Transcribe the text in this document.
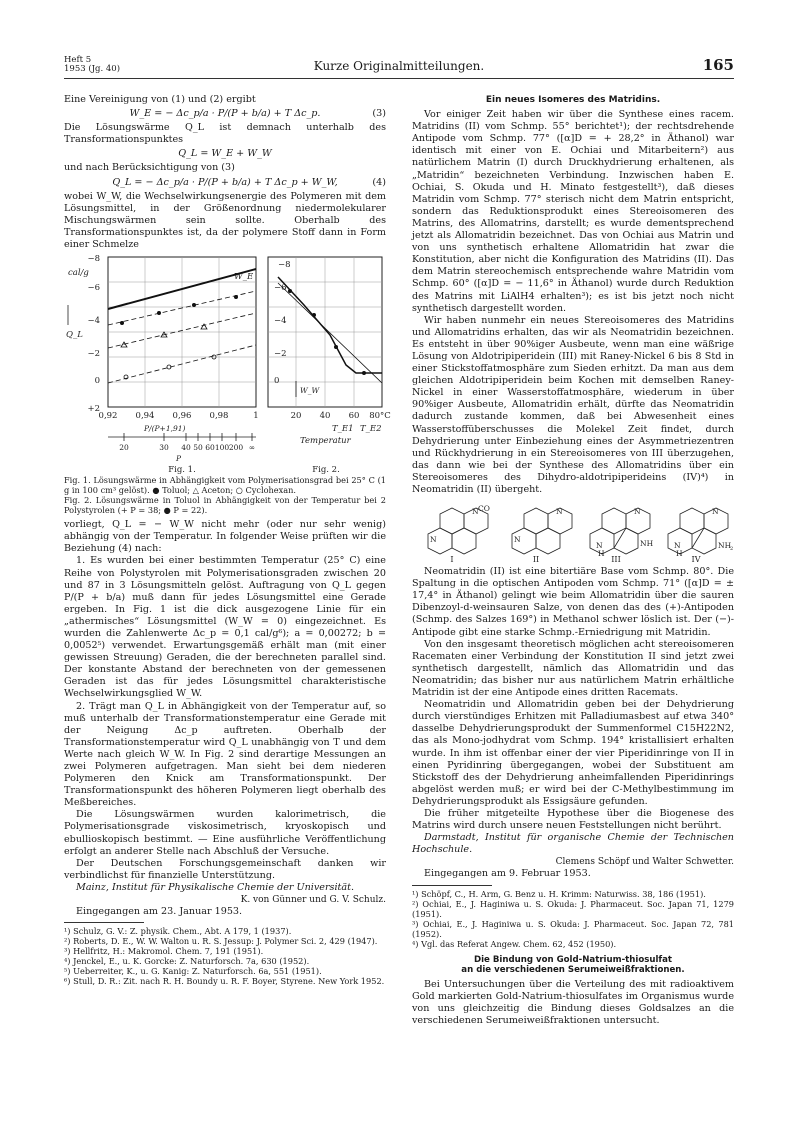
Heft 5
1953 (Jg. 40)	Kurze Originalmitteilungen.	165

Eine Vereinigung von (1) und (2) ergibt

W_E = − Δc_p/a · P/(P + b/a) + T Δc_p.	(3)

Die Lösungswärme Q_L ist demnach unterhalb des Transformationspunktes

Q_L = W_E + W_W

und nach Berücksichtigung von (3)

Q_L = − Δc_p/a · P/(P + b/a) + T Δc_p + W_W,	(4)

wobei W_W, die Wechselwirkungsenergie des Polymeren mit dem Lösungsmittel, in der Größenordnung niedermolekularer Mischungswärmen sein sollte. Oberhalb des Transformationspunktes ist, da der polymere Stoff dann in Form einer Schmelze

−8
−6
−4
−2
0
+2
cal/g
Q_L
0,92 0,94 0,96 0,98	1
P/(P+1,91)
W_E
20	30 40 50 60 100 200 ∞
P
−8
−6
−4
−2
0
20 40 60 80°C
T_E1 T_E2
Temperatur
W_W
Fig. 1.	Fig. 2.

Fig. 1. Lösungswärme in Abhängigkeit vom Polymerisationsgrad bei 25° C (1 g in 100 cm³ gelöst). ● Toluol; △ Aceton; ○ Cyclohexan.

Fig. 2. Lösungswärme in Toluol in Abhängigkeit von der Temperatur bei 2 Polystyrolen (+ P = 38; ● P = 22).

vorliegt, Q_L = − W_W nicht mehr (oder nur sehr wenig) abhängig von der Temperatur. In folgender Weise prüften wir die Beziehung (4) nach:

1. Es wurden bei einer bestimmten Temperatur (25° C) eine Reihe von Polystyrolen mit Polymerisationsgraden zwischen 20 und 87 in 3 Lösungsmitteln gelöst. Auftragung von Q_L gegen P/(P + b/a) muß dann für jedes Lösungsmittel eine Gerade ergeben. In Fig. 1 ist die dick ausgezogene Linie für ein „athermisches“ Lösungsmittel (W_W = 0) eingezeichnet. Es wurden die Zahlenwerte Δc_p = 0,1 cal/g⁶); a = 0,00272; b = 0,0052⁵) verwendet. Erwartungsgemäß erhält man (mit einer gewissen Streuung) Geraden, die der berechneten parallel sind. Der konstante Abstand der berechneten von der gemessenen Geraden ist das für jedes Lösungsmittel charakteristische Wechselwirkungsglied W_W.

2. Trägt man Q_L in Abhängigkeit von der Temperatur auf, so muß unterhalb der Transformationstemperatur eine Gerade mit der Neigung Δc_p auftreten. Oberhalb der Transformationstemperatur wird Q_L unabhängig von T und dem Werte nach gleich W_W. In Fig. 2 sind derartige Messungen an zwei Polymeren aufgetragen. Man sieht bei dem niederen Polymeren den Knick am Transformationspunkt. Der Transformationspunkt des höheren Polymeren liegt oberhalb des Meßbereiches.

Die Lösungswärmen wurden kalorimetrisch, die Polymerisationsgrade viskosimetrisch, kryoskopisch und ebullioskopisch bestimmt. — Eine ausführliche Veröffentlichung erfolgt an anderer Stelle nach Abschluß der Versuche.

Der Deutschen Forschungsgemeinschaft danken wir verbindlichst für finanzielle Unterstützung.

Mainz, Institut für Physikalische Chemie der Universität.

K. von Günner und G. V. Schulz.

Eingegangen am 23. Januar 1953.

¹) Schulz, G. V.: Z. physik. Chem., Abt. A 179, 1 (1937).

²) Roberts, D. E., W. W. Walton u. R. S. Jessup: J. Polymer Sci. 2, 429 (1947).

³) Hellfritz, H.: Makromol. Chem. 7, 191 (1951).

⁴) Jenckel, E., u. K. Gorcke: Z. Naturforsch. 7a, 630 (1952).

⁵) Ueberreiter, K., u. G. Kanig: Z. Naturforsch. 6a, 551 (1951).

⁶) Stull, D. R.: Zit. nach R. H. Boundy u. R. F. Boyer, Styrene. New York 1952.

Ein neues Isomeres des Matridins.

Vor einiger Zeit haben wir über die Synthese eines racem. Matridins (II) vom Schmp. 55° berichtet¹); der rechtsdrehende Antipode vom Schmp. 77° ([α]D = + 28,2° in Äthanol) war identisch mit einer von E. Ochiai und Mitarbeitern²) aus natürlichem Matrin (I) durch Druckhydrierung erhaltenen, als „Matridin“ bezeichneten Verbindung. Inzwischen haben E. Ochiai, S. Okuda und H. Minato festgestellt³), daß dieses Matridin vom Schmp. 77° sterisch nicht dem Matrin entspricht, sondern das Reduktionsprodukt eines Stereoisomeren des Matrins, des Allomatrins, darstellt; es wurde dementsprechend jetzt als Allomatridin bezeichnet. Das von Ochiai aus Matrin und von uns synthetisch erhaltene Allomatridin hat zwar die Konstitution, aber nicht die Konfiguration des Matridins (II). Das dem Matrin stereochemisch entsprechende wahre Matridin vom Schmp. 60° ([α]D = − 11,6° in Äthanol) wurde durch Reduktion des Matrins mit LiAlH4 erhalten³); es ist bis jetzt noch nicht synthetisch dargestellt worden.

Wir haben nunmehr ein neues Stereoisomeres des Matridins und Allomatridins erhalten, das wir als Neomatridin bezeichnen. Es entsteht in über 90%iger Ausbeute, wenn man eine wäßrige Lösung von Aldotripiperidein (III) mit Raney-Nickel 6 bis 8 Std in einer Stickstoffatmosphäre zum Sieden erhitzt. Da man aus dem gleichen Aldotripiperidein beim Kochen mit demselben Raney-Nickel in einer Wasserstoffatmosphäre, wiederum in über 90%iger Ausbeute, Allomatridin erhält, dürfte das Neomatridin dadurch zustande kommen, daß bei Abwesenheit eines Wasserstoffüberschusses die Molekel Zeit findet, durch Dehydrierung unter Einbeziehung eines der Asymmetriezentren und Rückhydrierung in ein Stereoisomeres von III überzugehen, das dann wie bei der Synthese des Allomatridins über ein Stereoisomeres des Dihydro-aldotripiperideins (IV)⁴) in Neomatridin (II) übergeht.

N
N CO
N
N
N
H
NH
N
N
H
NH
2
N
I	II	III	IV

Neomatridin (II) ist eine bitertiäre Base vom Schmp. 80°. Die Spaltung in die optischen Antipoden vom Schmp. 71° ([α]D = ± 17,4° in Äthanol) gelingt wie beim Allomatridin über die sauren Dibenzoyl-d-weinsauren Salze, von denen das des (+)-Antipoden (Schmp. des Salzes 169°) in Methanol schwer löslich ist. Der (−)-Antipode gibt eine starke Schmp.-Erniedrigung mit Matridin.

Von den insgesamt theoretisch möglichen acht stereoisomeren Racematen einer Verbindung der Konstitution II sind jetzt zwei synthetisch dargestellt, nämlich das Allomatridin und das Neomatridin; das bisher nur aus natürlichem Matrin erhältliche Matridin ist der eine Antipode eines dritten Racemats.

Neomatridin und Allomatridin geben bei der Dehydrierung durch vierstündiges Erhitzen mit Palladiumasbest auf etwa 340° dasselbe Dehydrierungsprodukt der Summenformel C15H22N2, das als Mono-jodhydrat vom Schmp. 194° kristallisiert erhalten wurde. In ihm ist offenbar einer der vier Piperidinringe von II in einen Pyridinring übergegangen, wobei der Substituent am Stickstoff des der Dehydrierung anheimfallenden Piperidinrings abgelöst werden muß; er wird bei der C-Methylbestimmung im Dehydrierungsprodukt als Essigsäure gefunden.

Die früher mitgeteilte Hypothese über die Biogenese des Matrins wird durch unsere neuen Feststellungen nicht berührt.

Darmstadt, Institut für organische Chemie der Technischen Hochschule.

Clemens Schöpf und Walter Schwetter.

Eingegangen am 9. Februar 1953.

¹) Schöpf, C., H. Arm, G. Benz u. H. Krimm: Naturwiss. 38, 186 (1951).

²) Ochiai, E., J. Haginiwa u. S. Okuda: J. Pharmaceut. Soc. Japan 71, 1279 (1951).

³) Ochiai, E., J. Haginiwa u. S. Okuda: J. Pharmaceut. Soc. Japan 72, 781 (1952).

⁴) Vgl. das Referat Angew. Chem. 62, 452 (1950).

Die Bindung von Gold-Natrium-thiosulfat
an die verschiedenen Serumeiweißfraktionen.

Bei Untersuchungen über die Verteilung des mit radioaktivem Gold markierten Gold-Natrium-thiosulfates im Organismus wurde von uns gleichzeitig die Bindung dieses Goldsalzes an die verschiedenen Serumeiweißfraktionen untersucht.
